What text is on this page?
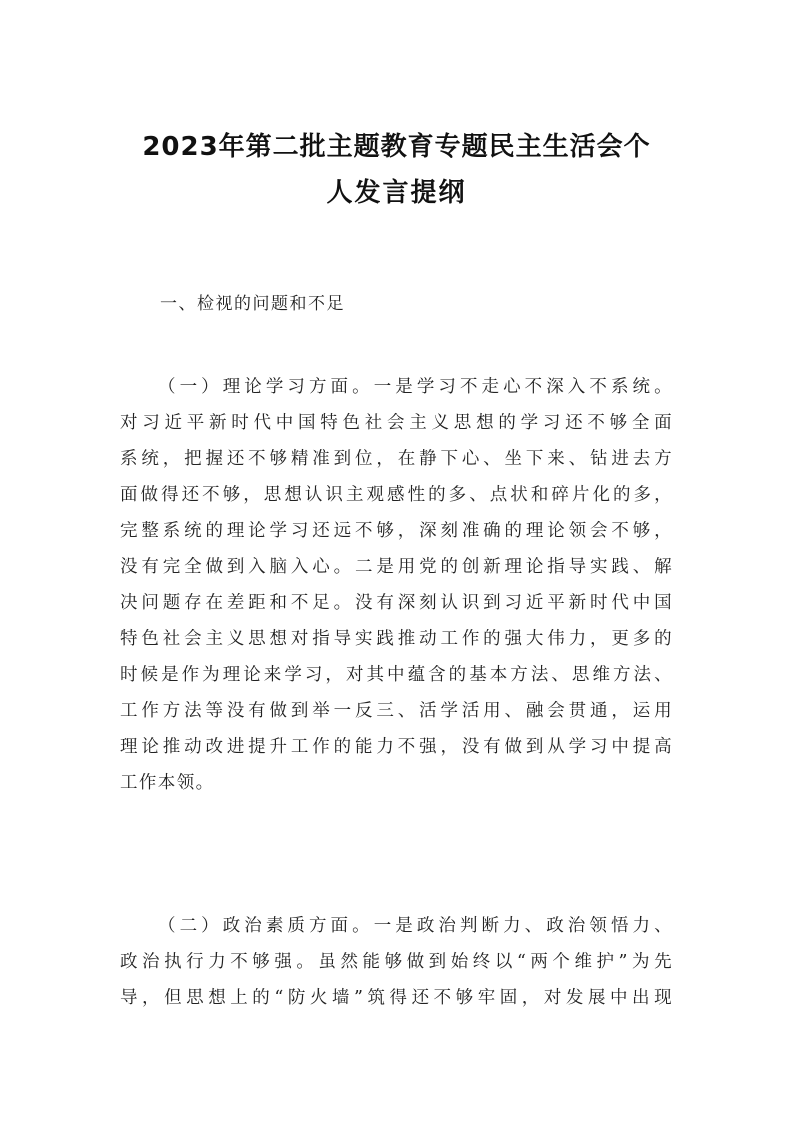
2023年第二批主题教育专题民主生活会个
人发言提纲

一、检视的问题和不足

（一）理论学习方面。一是学习不走心不深入不系统。
对习近平新时代中国特色社会主义思想的学习还不够全面
系统，把握还不够精准到位，在静下心、坐下来、钻进去方
面做得还不够，思想认识主观感性的多、点状和碎片化的多，
完整系统的理论学习还远不够，深刻准确的理论领会不够，
没有完全做到入脑入心。二是用党的创新理论指导实践、解
决问题存在差距和不足。没有深刻认识到习近平新时代中国
特色社会主义思想对指导实践推动工作的强大伟力，更多的
时候是作为理论来学习，对其中蕴含的基本方法、思维方法、
工作方法等没有做到举一反三、活学活用、融会贯通，运用
理论推动改进提升工作的能力不强，没有做到从学习中提高
工作本领。
（二）政治素质方面。一是政治判断力、政治领悟力、
政治执行力不够强。虽然能够做到始终以“两个维护”为先
导，但思想上的“防火墙”筑得还不够牢固，对发展中出现
